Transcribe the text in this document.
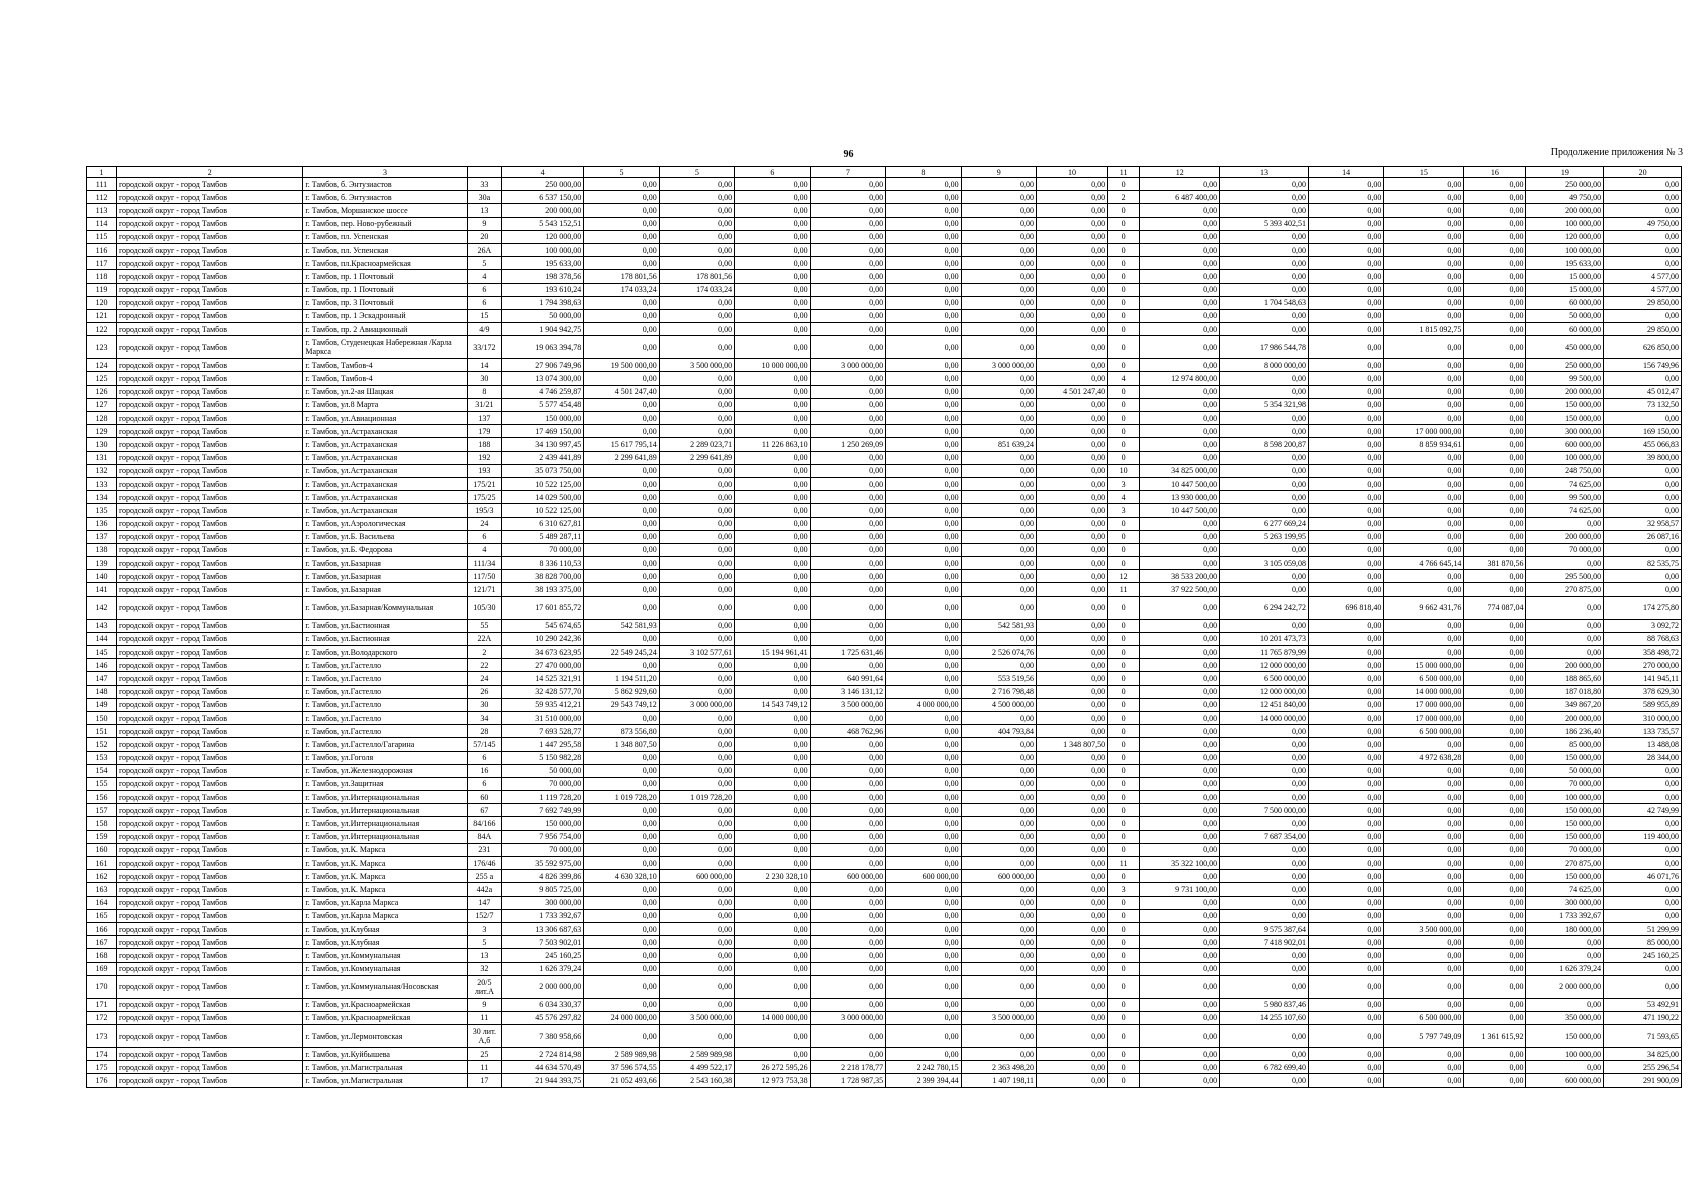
96	Продолжение приложения № 3
1	2	3		4	5	5	6	7	8	9	10	11	12	13	14	15	16	19	20
111	городской округ - город Тамбов	г. Тамбов, б. Энтузиастов	33	250 000,00	0,00	0,00	0,00	0,00	0,00	0,00	0,00	0	0,00	0,00	0,00	0,00	0,00	250 000,00	0,00
112	городской округ - город Тамбов	г. Тамбов, б. Энтузиастов	30а	6 537 150,00	0,00	0,00	0,00	0,00	0,00	0,00	0,00	2	6 487 400,00	0,00	0,00	0,00	0,00	49 750,00	0,00
113	городской округ - город Тамбов	г. Тамбов, Моршанское шоссе	13	200 000,00	0,00	0,00	0,00	0,00	0,00	0,00	0,00	0	0,00	0,00	0,00	0,00	0,00	200 000,00	0,00
114	городской округ - город Тамбов	г. Тамбов, пер. Ново-рубежный	9	5 543 152,51	0,00	0,00	0,00	0,00	0,00	0,00	0,00	0	0,00	5 393 402,51	0,00	0,00	0,00	100 000,00	49 750,00
115	городской округ - город Тамбов	г. Тамбов, пл. Успенская	20	120 000,00	0,00	0,00	0,00	0,00	0,00	0,00	0,00	0	0,00	0,00	0,00	0,00	0,00	120 000,00	0,00
116	городской округ - город Тамбов	г. Тамбов, пл. Успенская	26А	100 000,00	0,00	0,00	0,00	0,00	0,00	0,00	0,00	0	0,00	0,00	0,00	0,00	0,00	100 000,00	0,00
117	городской округ - город Тамбов	г. Тамбов, пл.Красноармейская	5	195 633,00	0,00	0,00	0,00	0,00	0,00	0,00	0,00	0	0,00	0,00	0,00	0,00	0,00	195 633,00	0,00
118	городской округ - город Тамбов	г. Тамбов, пр. 1 Почтовый	4	198 378,56	178 801,56	178 801,56	0,00	0,00	0,00	0,00	0,00	0	0,00	0,00	0,00	0,00	0,00	15 000,00	4 577,00
119	городской округ - город Тамбов	г. Тамбов, пр. 1 Почтовый	6	193 610,24	174 033,24	174 033,24	0,00	0,00	0,00	0,00	0,00	0	0,00	0,00	0,00	0,00	0,00	15 000,00	4 577,00
120	городской округ - город Тамбов	г. Тамбов, пр. 3 Почтовый	6	1 794 398,63	0,00	0,00	0,00	0,00	0,00	0,00	0,00	0	0,00	1 704 548,63	0,00	0,00	0,00	60 000,00	29 850,00
121	городской округ - город Тамбов	г. Тамбов, пр. 1 Эскадронный	15	50 000,00	0,00	0,00	0,00	0,00	0,00	0,00	0,00	0	0,00	0,00	0,00	0,00	0,00	50 000,00	0,00
122	городской округ - город Тамбов	г. Тамбов, пр. 2 Авиационный	4/9	1 904 942,75	0,00	0,00	0,00	0,00	0,00	0,00	0,00	0	0,00	0,00	0,00	1 815 092,75	0,00	60 000,00	29 850,00
123	городской округ - город Тамбов	г. Тамбов, Студенецкая Набережная /Карла Маркса	33/172	19 063 394,78	0,00	0,00	0,00	0,00	0,00	0,00	0,00	0	0,00	17 986 544,78	0,00	0,00	0,00	450 000,00	626 850,00
124	городской округ - город Тамбов	г. Тамбов, Тамбов-4	14	27 906 749,96	19 500 000,00	3 500 000,00	10 000 000,00	3 000 000,00	0,00	3 000 000,00	0,00	0	0,00	8 000 000,00	0,00	0,00	0,00	250 000,00	156 749,96
125	городской округ - город Тамбов	г. Тамбов, Тамбов-4	30	13 074 300,00	0,00	0,00	0,00	0,00	0,00	0,00	0,00	4	12 974 800,00	0,00	0,00	0,00	0,00	99 500,00	0,00
126	городской округ - город Тамбов	г. Тамбов, ул.2-ая Шацкая	8	4 746 259,87	4 501 247,40	0,00	0,00	0,00	0,00	0,00	4 501 247,40	0	0,00	0,00	0,00	0,00	0,00	200 000,00	45 012,47
127	городской округ - город Тамбов	г. Тамбов, ул.8 Марта	31/21	5 577 454,48	0,00	0,00	0,00	0,00	0,00	0,00	0,00	0	0,00	5 354 321,98	0,00	0,00	0,00	150 000,00	73 132,50
128	городской округ - город Тамбов	г. Тамбов, ул.Авиационная	137	150 000,00	0,00	0,00	0,00	0,00	0,00	0,00	0,00	0	0,00	0,00	0,00	0,00	0,00	150 000,00	0,00
129	городской округ - город Тамбов	г. Тамбов, ул.Астраханская	179	17 469 150,00	0,00	0,00	0,00	0,00	0,00	0,00	0,00	0	0,00	0,00	0,00	17 000 000,00	0,00	300 000,00	169 150,00
130	городской округ - город Тамбов	г. Тамбов, ул.Астраханская	188	34 130 997,45	15 617 795,14	2 289 023,71	11 226 863,10	1 250 269,09	0,00	851 639,24	0,00	0	0,00	8 598 200,87	0,00	8 859 934,61	0,00	600 000,00	455 066,83
131	городской округ - город Тамбов	г. Тамбов, ул.Астраханская	192	2 439 441,89	2 299 641,89	2 299 641,89	0,00	0,00	0,00	0,00	0,00	0	0,00	0,00	0,00	0,00	0,00	100 000,00	39 800,00
132	городской округ - город Тамбов	г. Тамбов, ул.Астраханская	193	35 073 750,00	0,00	0,00	0,00	0,00	0,00	0,00	0,00	10	34 825 000,00	0,00	0,00	0,00	0,00	248 750,00	0,00
133	городской округ - город Тамбов	г. Тамбов, ул.Астраханская	175/21	10 522 125,00	0,00	0,00	0,00	0,00	0,00	0,00	0,00	3	10 447 500,00	0,00	0,00	0,00	0,00	74 625,00	0,00
134	городской округ - город Тамбов	г. Тамбов, ул.Астраханская	175/25	14 029 500,00	0,00	0,00	0,00	0,00	0,00	0,00	0,00	4	13 930 000,00	0,00	0,00	0,00	0,00	99 500,00	0,00
135	городской округ - город Тамбов	г. Тамбов, ул.Астраханская	195/3	10 522 125,00	0,00	0,00	0,00	0,00	0,00	0,00	0,00	3	10 447 500,00	0,00	0,00	0,00	0,00	74 625,00	0,00
136	городской округ - город Тамбов	г. Тамбов, ул.Аэрологическая	24	6 310 627,81	0,00	0,00	0,00	0,00	0,00	0,00	0,00	0	0,00	6 277 669,24	0,00	0,00	0,00	0,00	32 958,57
137	городской округ - город Тамбов	г. Тамбов, ул.Б. Васильева	6	5 489 287,11	0,00	0,00	0,00	0,00	0,00	0,00	0,00	0	0,00	5 263 199,95	0,00	0,00	0,00	200 000,00	26 087,16
138	городской округ - город Тамбов	г. Тамбов, ул.Б. Федорова	4	70 000,00	0,00	0,00	0,00	0,00	0,00	0,00	0,00	0	0,00	0,00	0,00	0,00	0,00	70 000,00	0,00
139	городской округ - город Тамбов	г. Тамбов, ул.Базарная	111/34	8 336 110,53	0,00	0,00	0,00	0,00	0,00	0,00	0,00	0	0,00	3 105 059,08	0,00	4 766 645,14	381 870,56	0,00	82 535,75
140	городской округ - город Тамбов	г. Тамбов, ул.Базарная	117/50	38 828 700,00	0,00	0,00	0,00	0,00	0,00	0,00	0,00	12	38 533 200,00	0,00	0,00	0,00	0,00	295 500,00	0,00
141	городской округ - город Тамбов	г. Тамбов, ул.Базарная	121/71	38 193 375,00	0,00	0,00	0,00	0,00	0,00	0,00	0,00	11	37 922 500,00	0,00	0,00	0,00	0,00	270 875,00	0,00
142	городской округ - город Тамбов	г. Тамбов, ул.Базарная/Коммунальная	105/30	17 601 855,72	0,00	0,00	0,00	0,00	0,00	0,00	0,00	0	0,00	6 294 242,72	696 818,40	9 662 431,76	774 087,04	0,00	174 275,80
143	городской округ - город Тамбов	г. Тамбов, ул.Бастионная	55	545 674,65	542 581,93	0,00	0,00	0,00	0,00	542 581,93	0,00	0	0,00	0,00	0,00	0,00	0,00	0,00	3 092,72
144	городской округ - город Тамбов	г. Тамбов, ул.Бастионная	22А	10 290 242,36	0,00	0,00	0,00	0,00	0,00	0,00	0,00	0	0,00	10 201 473,73	0,00	0,00	0,00	0,00	88 768,63
145	городской округ - город Тамбов	г. Тамбов, ул.Володарского	2	34 673 623,95	22 549 245,24	3 102 577,61	15 194 961,41	1 725 631,46	0,00	2 526 074,76	0,00	0	0,00	11 765 879,99	0,00	0,00	0,00	0,00	358 498,72
146	городской округ - город Тамбов	г. Тамбов, ул.Гастелло	22	27 470 000,00	0,00	0,00	0,00	0,00	0,00	0,00	0,00	0	0,00	12 000 000,00	0,00	15 000 000,00	0,00	200 000,00	270 000,00
147	городской округ - город Тамбов	г. Тамбов, ул.Гастелло	24	14 525 321,91	1 194 511,20	0,00	0,00	640 991,64	0,00	553 519,56	0,00	0	0,00	6 500 000,00	0,00	6 500 000,00	0,00	188 865,60	141 945,11
148	городской округ - город Тамбов	г. Тамбов, ул.Гастелло	26	32 428 577,70	5 862 929,60	0,00	0,00	3 146 131,12	0,00	2 716 798,48	0,00	0	0,00	12 000 000,00	0,00	14 000 000,00	0,00	187 018,80	378 629,30
149	городской округ - город Тамбов	г. Тамбов, ул.Гастелло	30	59 935 412,21	29 543 749,12	3 000 000,00	14 543 749,12	3 500 000,00	4 000 000,00	4 500 000,00	0,00	0	0,00	12 451 840,00	0,00	17 000 000,00	0,00	349 867,20	589 955,89
150	городской округ - город Тамбов	г. Тамбов, ул.Гастелло	34	31 510 000,00	0,00	0,00	0,00	0,00	0,00	0,00	0,00	0	0,00	14 000 000,00	0,00	17 000 000,00	0,00	200 000,00	310 000,00
151	городской округ - город Тамбов	г. Тамбов, ул.Гастелло	28	7 693 528,77	873 556,80	0,00	0,00	468 762,96	0,00	404 793,84	0,00	0	0,00	0,00	0,00	6 500 000,00	0,00	186 236,40	133 735,57
152	городской округ - город Тамбов	г. Тамбов, ул.Гастелло/Гагарина	57/145	1 447 295,58	1 348 807,50	0,00	0,00	0,00	0,00	0,00	1 348 807,50	0	0,00	0,00	0,00	0,00	0,00	85 000,00	13 488,08
153	городской округ - город Тамбов	г. Тамбов, ул.Гоголя	6	5 150 982,28	0,00	0,00	0,00	0,00	0,00	0,00	0,00	0	0,00	0,00	0,00	4 972 638,28	0,00	150 000,00	28 344,00
154	городской округ - город Тамбов	г. Тамбов, ул.Железнодорожная	16	50 000,00	0,00	0,00	0,00	0,00	0,00	0,00	0,00	0	0,00	0,00	0,00	0,00	0,00	50 000,00	0,00
155	городской округ - город Тамбов	г. Тамбов, ул.Защитная	6	70 000,00	0,00	0,00	0,00	0,00	0,00	0,00	0,00	0	0,00	0,00	0,00	0,00	0,00	70 000,00	0,00
156	городской округ - город Тамбов	г. Тамбов, ул.Интернациональная	60	1 119 728,20	1 019 728,20	1 019 728,20	0,00	0,00	0,00	0,00	0,00	0	0,00	0,00	0,00	0,00	0,00	100 000,00	0,00
157	городской округ - город Тамбов	г. Тамбов, ул.Интернациональная	67	7 692 749,99	0,00	0,00	0,00	0,00	0,00	0,00	0,00	0	0,00	7 500 000,00	0,00	0,00	0,00	150 000,00	42 749,99
158	городской округ - город Тамбов	г. Тамбов, ул.Интернациональная	84/166	150 000,00	0,00	0,00	0,00	0,00	0,00	0,00	0,00	0	0,00	0,00	0,00	0,00	0,00	150 000,00	0,00
159	городской округ - город Тамбов	г. Тамбов, ул.Интернациональная	84А	7 956 754,00	0,00	0,00	0,00	0,00	0,00	0,00	0,00	0	0,00	7 687 354,00	0,00	0,00	0,00	150 000,00	119 400,00
160	городской округ - город Тамбов	г. Тамбов, ул.К. Маркса	231	70 000,00	0,00	0,00	0,00	0,00	0,00	0,00	0,00	0	0,00	0,00	0,00	0,00	0,00	70 000,00	0,00
161	городской округ - город Тамбов	г. Тамбов, ул.К. Маркса	176/46	35 592 975,00	0,00	0,00	0,00	0,00	0,00	0,00	0,00	11	35 322 100,00	0,00	0,00	0,00	0,00	270 875,00	0,00
162	городской округ - город Тамбов	г. Тамбов, ул.К. Маркса	255 а	4 826 399,86	4 630 328,10	600 000,00	2 230 328,10	600 000,00	600 000,00	600 000,00	0,00	0	0,00	0,00	0,00	0,00	0,00	150 000,00	46 071,76
163	городской округ - город Тамбов	г. Тамбов, ул.К. Маркса	442а	9 805 725,00	0,00	0,00	0,00	0,00	0,00	0,00	0,00	3	9 731 100,00	0,00	0,00	0,00	0,00	74 625,00	0,00
164	городской округ - город Тамбов	г. Тамбов, ул.Карла Маркса	147	300 000,00	0,00	0,00	0,00	0,00	0,00	0,00	0,00	0	0,00	0,00	0,00	0,00	0,00	300 000,00	0,00
165	городской округ - город Тамбов	г. Тамбов, ул.Карла Маркса	152/7	1 733 392,67	0,00	0,00	0,00	0,00	0,00	0,00	0,00	0	0,00	0,00	0,00	0,00	0,00	1 733 392,67	0,00
166	городской округ - город Тамбов	г. Тамбов, ул.Клубная	3	13 306 687,63	0,00	0,00	0,00	0,00	0,00	0,00	0,00	0	0,00	9 575 387,64	0,00	3 500 000,00	0,00	180 000,00	51 299,99
167	городской округ - город Тамбов	г. Тамбов, ул.Клубная	5	7 503 902,01	0,00	0,00	0,00	0,00	0,00	0,00	0,00	0	0,00	7 418 902,01	0,00	0,00	0,00	0,00	85 000,00
168	городской округ - город Тамбов	г. Тамбов, ул.Коммунальная	13	245 160,25	0,00	0,00	0,00	0,00	0,00	0,00	0,00	0	0,00	0,00	0,00	0,00	0,00	0,00	245 160,25
169	городской округ - город Тамбов	г. Тамбов, ул.Коммунальная	32	1 626 379,24	0,00	0,00	0,00	0,00	0,00	0,00	0,00	0	0,00	0,00	0,00	0,00	0,00	1 626 379,24	0,00
170	городской округ - город Тамбов	г. Тамбов, ул.Коммунальная/Носовская	20/5 лит.А	2 000 000,00	0,00	0,00	0,00	0,00	0,00	0,00	0,00	0	0,00	0,00	0,00	0,00	0,00	2 000 000,00	0,00
171	городской округ - город Тамбов	г. Тамбов, ул.Красноармейская	9	6 034 330,37	0,00	0,00	0,00	0,00	0,00	0,00	0,00	0	0,00	5 980 837,46	0,00	0,00	0,00	0,00	53 492,91
172	городской округ - город Тамбов	г. Тамбов, ул.Красноармейская	11	45 576 297,82	24 000 000,00	3 500 000,00	14 000 000,00	3 000 000,00	0,00	3 500 000,00	0,00	0	0,00	14 255 107,60	0,00	6 500 000,00	0,00	350 000,00	471 190,22
173	городской округ - город Тамбов	г. Тамбов, ул.Лермонтовская	30 лит. А,б	7 380 958,66	0,00	0,00	0,00	0,00	0,00	0,00	0,00	0	0,00	0,00	0,00	5 797 749,09	1 361 615,92	150 000,00	71 593,65
174	городской округ - город Тамбов	г. Тамбов, ул.Куйбышева	25	2 724 814,98	2 589 989,98	2 589 989,98	0,00	0,00	0,00	0,00	0,00	0	0,00	0,00	0,00	0,00	0,00	100 000,00	34 825,00
175	городской округ - город Тамбов	г. Тамбов, ул.Магистральная	11	44 634 570,49	37 596 574,55	4 499 522,17	26 272 595,26	2 218 178,77	2 242 780,15	2 363 498,20	0,00	0	0,00	6 782 699,40	0,00	0,00	0,00	0,00	255 296,54
176	городской округ - город Тамбов	г. Тамбов, ул.Магистральная	17	21 944 393,75	21 052 493,66	2 543 160,38	12 973 753,38	1 728 987,35	2 399 394,44	1 407 198,11	0,00	0	0,00	0,00	0,00	0,00	0,00	600 000,00	291 900,09
